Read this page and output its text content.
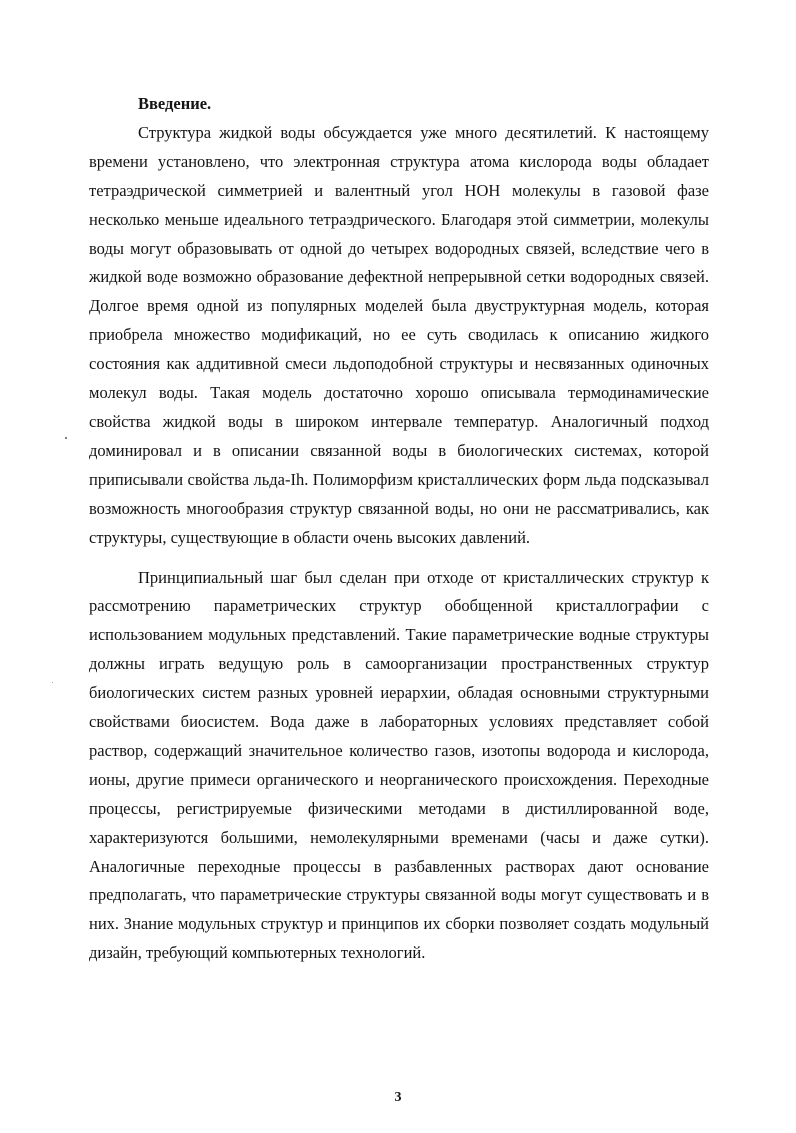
Введение.

Структура жидкой воды обсуждается уже много десятилетий. К настоящему времени установлено, что электронная структура атома кислорода воды обладает тетраэдрической симметрией и валентный угол НОН молекулы в газовой фазе несколько меньше идеального тетраэдрического. Благодаря этой симметрии, молекулы воды могут образовывать от одной до четырех водородных связей, вследствие чего в жидкой воде возможно образование дефектной непрерывной сетки водородных связей. Долгое время одной из популярных моделей была двуструктурная модель, которая приобрела множество модификаций, но ее суть сводилась к описанию жидкого состояния как аддитивной смеси льдоподобной структуры и несвязанных одиночных молекул воды. Такая модель достаточно хорошо описывала термодинамические свойства жидкой воды в широком интервале температур. Аналогичный подход доминировал и в описании связанной воды в биологических системах, которой приписывали свойства льда-Ih. Полиморфизм кристаллических форм льда подсказывал возможность многообразия структур связанной воды, но они не рассматривались, как структуры, существующие в области очень высоких давлений.

Принципиальный шаг был сделан при отходе от кристаллических структур к рассмотрению параметрических структур обобщенной кристаллографии с использованием модульных представлений. Такие параметрические водные структуры должны играть ведущую роль в самоорганизации пространственных структур биологических систем разных уровней иерархии, обладая основными структурными свойствами биосистем. Вода даже в лабораторных условиях представляет собой раствор, содержащий значительное количество газов, изотопы водорода и кислорода, ионы, другие примеси органического и неорганического происхождения. Переходные процессы, регистрируемые физическими методами в дистиллированной воде, характеризуются большими, немолекулярными временами (часы и даже сутки). Аналогичные переходные процессы в разбавленных растворах дают основание предполагать, что параметрические структуры связанной воды могут существовать и в них. Знание модульных структур и принципов их сборки позволяет создать модульный дизайн, требующий компьютерных технологий.

3
